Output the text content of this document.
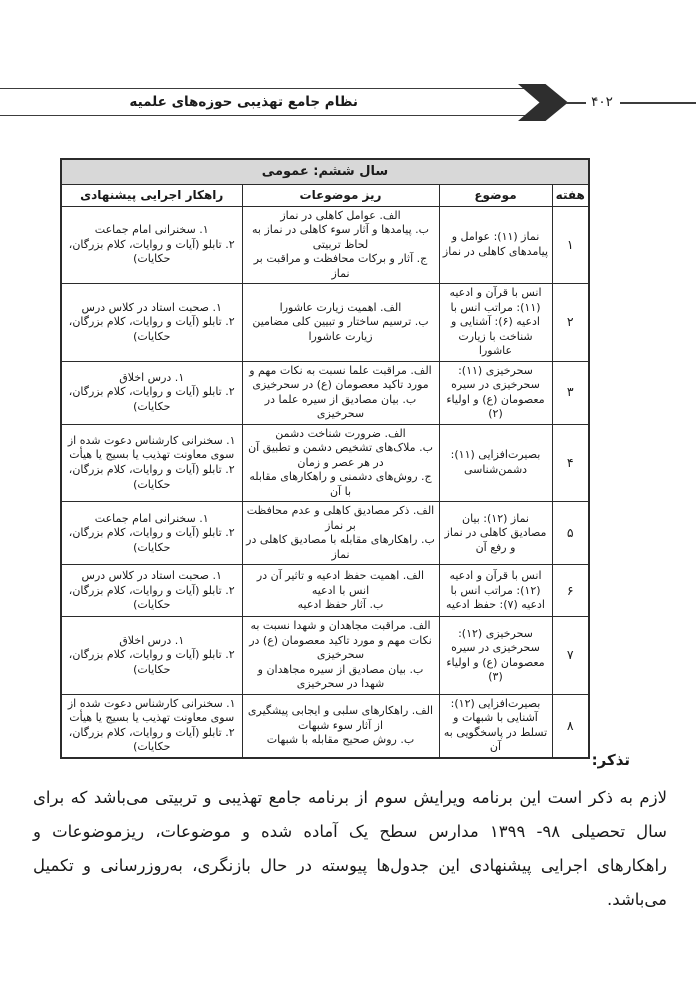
نظام جامع تهذیبی حوزه‌های علمیه	۴۰۲
سال ششم: عمومی			
هفته	موضوع	ریز موضوعات	راهکار اجرایی پیشنهادی
۱	نماز (۱۱): عوامل و پیامدهای کاهلی در نماز	الف. عوامل کاهلی در نماز
ب. پیامدها و آثار سوء کاهلی در نماز به لحاظ تربیتی
ج. آثار و برکات محافظت و مراقبت بر نماز	۱. سخنرانی امام جماعت
۲. تابلو (آیات و روایات، کلام بزرگان، حکایات)

۲	انس با قرآن و ادعیه (۱۱): مراتب انس با ادعیه (۶): آشنایی و شناخت با زیارت عاشورا	الف. اهمیت زیارت عاشورا
ب. ترسیم ساختار و تبیین کلی مضامین زیارت عاشورا	۱. صحبت استاد در کلاس درس
۲. تابلو (آیات و روایات، کلام بزرگان، حکایات)

۳	سحرخیزی (۱۱): سحرخیزی در سیره معصومان (ع) و اولیاء (۲)	الف. مراقبت علما نسبت به نکات مهم و مورد تاکید معصومان (ع) در سحرخیزی
ب. بیان مصادیق از سیره علما در سحرخیزی	۱. درس اخلاق
۲. تابلو (آیات و روایات، کلام بزرگان، حکایات)

۴	بصیرت‌افزایی (۱۱): دشمن‌شناسی	الف. ضرورت شناخت دشمن
ب. ملاک‌های تشخیص دشمن و تطبیق آن در هر عصر و زمان
ج. روش‌های دشمنی و راهکارهای مقابله با آن	۱. سخنرانی کارشناس دعوت شده از سوی معاونت تهذیب یا بسیج یا هیأت
۲. تابلو (آیات و روایات، کلام بزرگان، حکایات)

۵	نماز (۱۲): بیان مصادیق کاهلی در نماز و رفع آن	الف. ذکر مصادیق کاهلی و عدم محافظت بر نماز
ب. راهکارهای مقابله با مصادیق کاهلی در نماز	۱. سخنرانی امام جماعت
۲. تابلو (آیات و روایات، کلام بزرگان، حکایات)

۶	انس با قرآن و ادعیه (۱۲): مراتب انس با ادعیه (۷): حفظ ادعیه	الف. اهمیت حفظ ادعیه و تاثیر آن در انس با ادعیه
ب. آثار حفظ ادعیه	۱. صحبت استاد در کلاس درس
۲. تابلو (آیات و روایات، کلام بزرگان، حکایات)

۷	سحرخیزی (۱۲): سحرخیزی در سیره معصومان (ع) و اولیاء (۳)	الف. مراقبت مجاهدان و شهدا نسبت به نکات مهم و مورد تاکید معصومان (ع) در سحرخیزی
ب. بیان مصادیق از سیره مجاهدان و شهدا در سحرخیزی	۱. درس اخلاق
۲. تابلو (آیات و روایات، کلام بزرگان، حکایات)

۸	بصیرت‌افزایی (۱۲): آشنایی با شبهات و تسلط در پاسخگویی به آن	الف. راهکارهای سلبی و ایجابی پیشگیری از آثار سوء شبهات
ب. روش صحیح مقابله با شبهات	۱. سخنرانی کارشناس دعوت شده از سوی معاونت تهذیب یا بسیج یا هیأت
۲. تابلو (آیات و روایات، کلام بزرگان، حکایات)
تذکر:
لازم به ذکر است این برنامه ویرایش سوم از برنامه جامع تهذیبی و تربیتی می‌باشد که برای سال تحصیلی ۹۸- ۱۳۹۹ مدارس سطح یک آماده شده و موضوعات، ریزموضوعات و راهکارهای اجرایی پیشنهادی این جدول‌ها پیوسته در حال بازنگری، به‌روزرسانی و تکمیل می‌باشد.
